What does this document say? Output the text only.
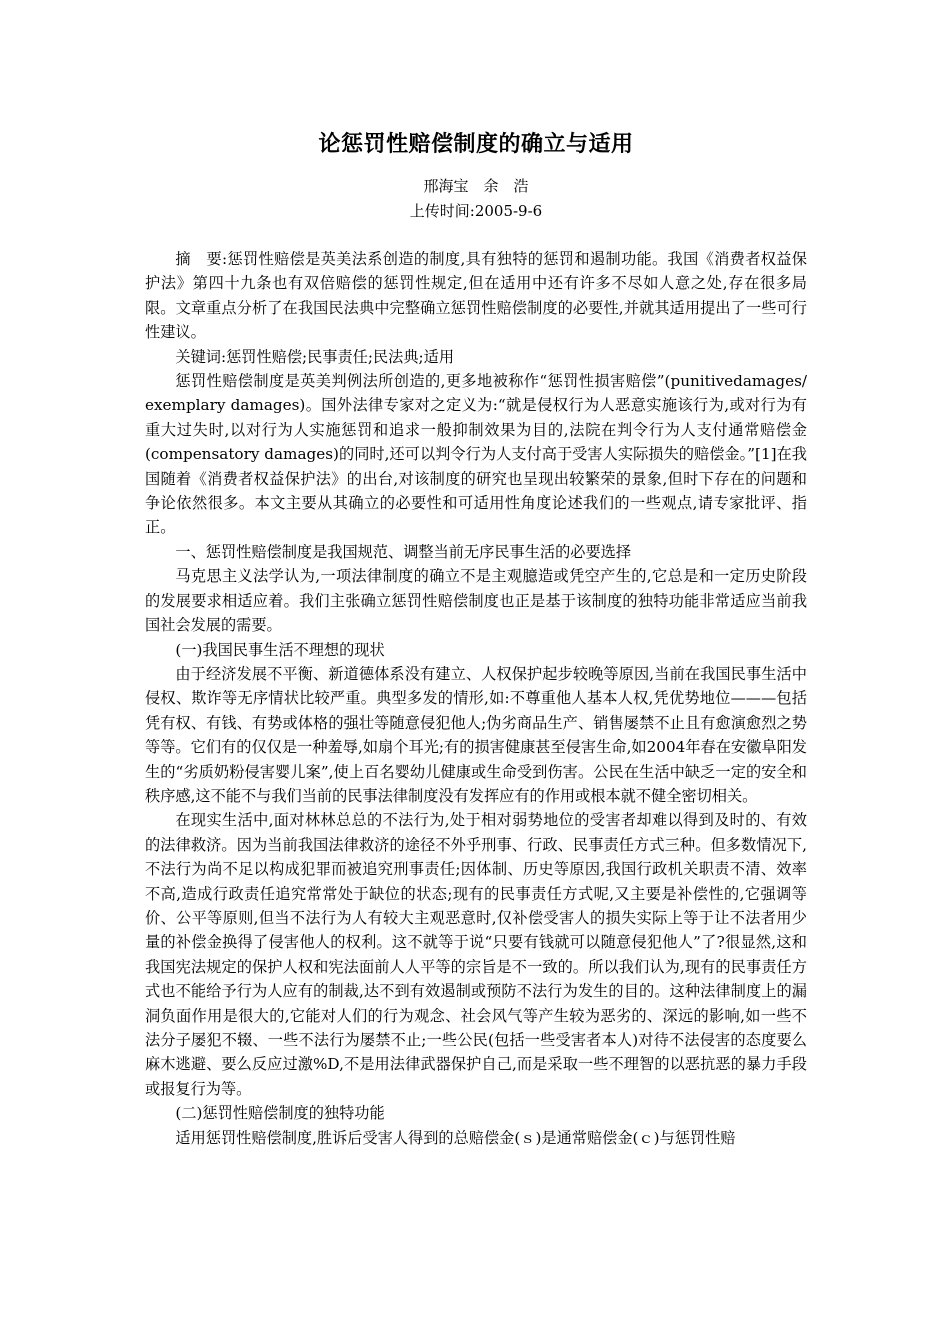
论惩罚性赔偿制度的确立与适用

邢海宝　余　浩

上传时间:2005-9-6

摘　要:惩罚性赔偿是英美法系创造的制度,具有独特的惩罚和遏制功能。我国《消费者权益保护法》第四十九条也有双倍赔偿的惩罚性规定,但在适用中还有许多不尽如人意之处,存在很多局限。文章重点分析了在我国民法典中完整确立惩罚性赔偿制度的必要性,并就其适用提出了一些可行性建议。

关键词:惩罚性赔偿;民事责任;民法典;适用

惩罚性赔偿制度是英美判例法所创造的,更多地被称作“惩罚性损害赔偿”(punitivedamages/ exemplary damages)。国外法律专家对之定义为:“就是侵权行为人恶意实施该行为,或对行为有重大过失时,以对行为人实施惩罚和追求一般抑制效果为目的,法院在判令行为人支付通常赔偿金(compensatory damages)的同时,还可以判令行为人支付高于受害人实际损失的赔偿金。”[1]在我国随着《消费者权益保护法》的出台,对该制度的研究也呈现出较繁荣的景象,但时下存在的问题和争论依然很多。本文主要从其确立的必要性和可适用性角度论述我们的一些观点,请专家批评、指正。

一、惩罚性赔偿制度是我国规范、调整当前无序民事生活的必要选择

马克思主义法学认为,一项法律制度的确立不是主观臆造或凭空产生的,它总是和一定历史阶段的发展要求相适应着。我们主张确立惩罚性赔偿制度也正是基于该制度的独特功能非常适应当前我国社会发展的需要。

(一)我国民事生活不理想的现状

由于经济发展不平衡、新道德体系没有建立、人权保护起步较晚等原因,当前在我国民事生活中侵权、欺诈等无序情状比较严重。典型多发的情形,如:不尊重他人基本人权,凭优势地位———包括凭有权、有钱、有势或体格的强壮等随意侵犯他人;伪劣商品生产、销售屡禁不止且有愈演愈烈之势等等。它们有的仅仅是一种羞辱,如扇个耳光;有的损害健康甚至侵害生命,如2004年春在安徽阜阳发生的“劣质奶粉侵害婴儿案”,使上百名婴幼儿健康或生命受到伤害。公民在生活中缺乏一定的安全和秩序感,这不能不与我们当前的民事法律制度没有发挥应有的作用或根本就不健全密切相关。

在现实生活中,面对林林总总的不法行为,处于相对弱势地位的受害者却难以得到及时的、有效的法律救济。因为当前我国法律救济的途径不外乎刑事、行政、民事责任方式三种。但多数情况下,不法行为尚不足以构成犯罪而被追究刑事责任;因体制、历史等原因,我国行政机关职责不清、效率不高,造成行政责任追究常常处于缺位的状态;现有的民事责任方式呢,又主要是补偿性的,它强调等价、公平等原则,但当不法行为人有较大主观恶意时,仅补偿受害人的损失实际上等于让不法者用少量的补偿金换得了侵害他人的权利。这不就等于说“只要有钱就可以随意侵犯他人”了?很显然,这和我国宪法规定的保护人权和宪法面前人人平等的宗旨是不一致的。所以我们认为,现有的民事责任方式也不能给予行为人应有的制裁,达不到有效遏制或预防不法行为发生的目的。这种法律制度上的漏洞负面作用是很大的,它能对人们的行为观念、社会风气等产生较为恶劣的、深远的影响,如一些不法分子屡犯不辍、一些不法行为屡禁不止;一些公民(包括一些受害者本人)对待不法侵害的态度要么麻木逃避、要么反应过激%D,不是用法律武器保护自己,而是采取一些不理智的以恶抗恶的暴力手段或报复行为等。

(二)惩罚性赔偿制度的独特功能

适用惩罚性赔偿制度,胜诉后受害人得到的总赔偿金(ｓ)是通常赔偿金(ｃ)与惩罚性赔
